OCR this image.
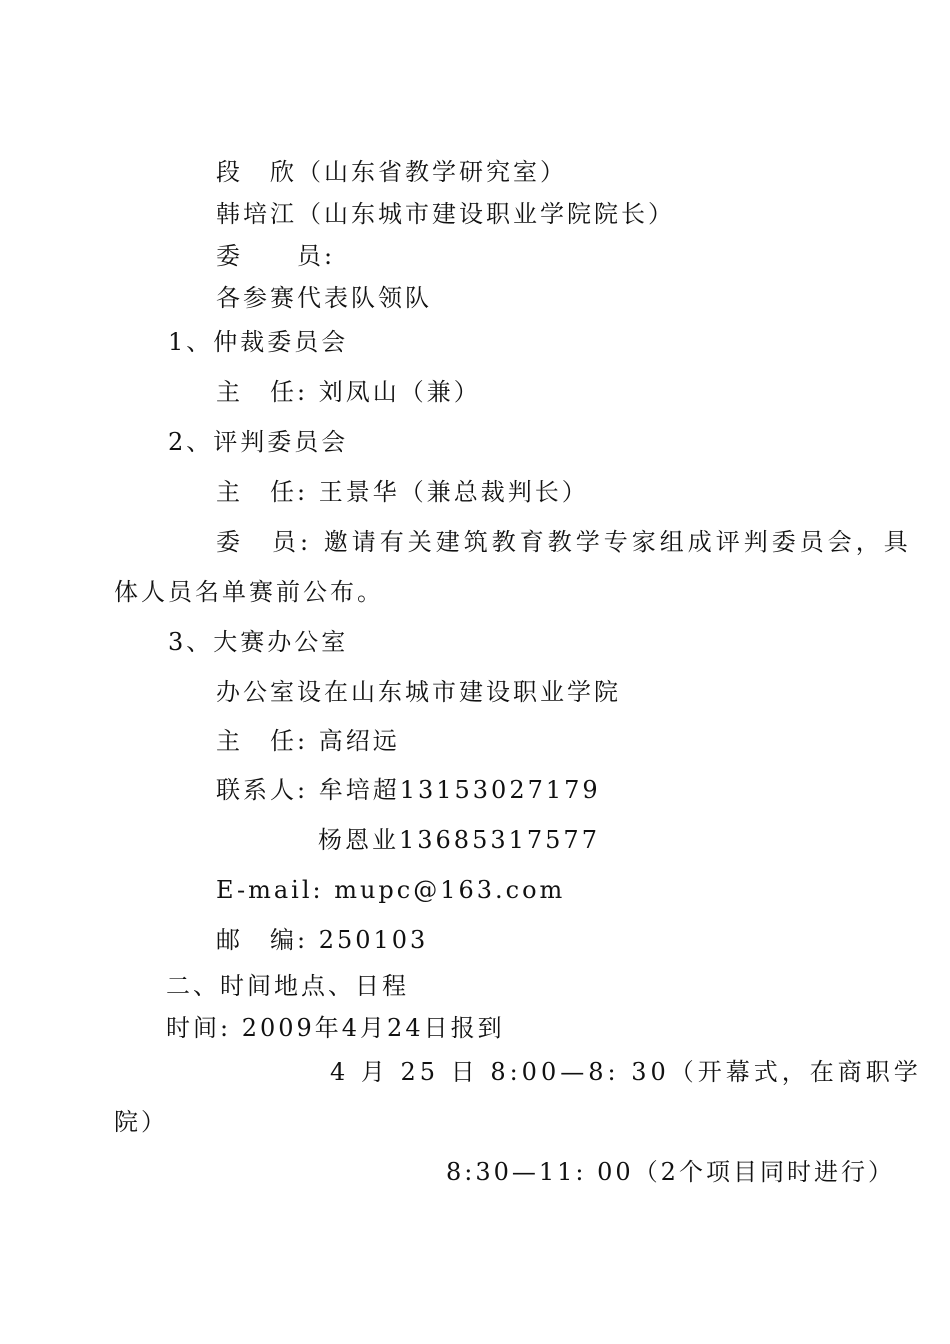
段　欣（山东省教学研究室）
韩培江（山东城市建设职业学院院长）
委　　员:
各参赛代表队领队
1、仲裁委员会
主　任: 刘凤山（兼）
2、评判委员会
主　任: 王景华（兼总裁判长）
委　员: 邀请有关建筑教育教学专家组成评判委员会，具
体人员名单赛前公布。
3、大赛办公室
办公室设在山东城市建设职业学院
主　任: 高绍远
联系人: 牟培超13153027179
杨恩业13685317577
E-mail: mupc@163.com
邮　编: 250103
二、时间地点、日程
时间: 2009年4月24日报到
4 月 25 日 8:00—8: 30（开幕式，在商职学
院）
8:30—11: 00（2个项目同时进行）
